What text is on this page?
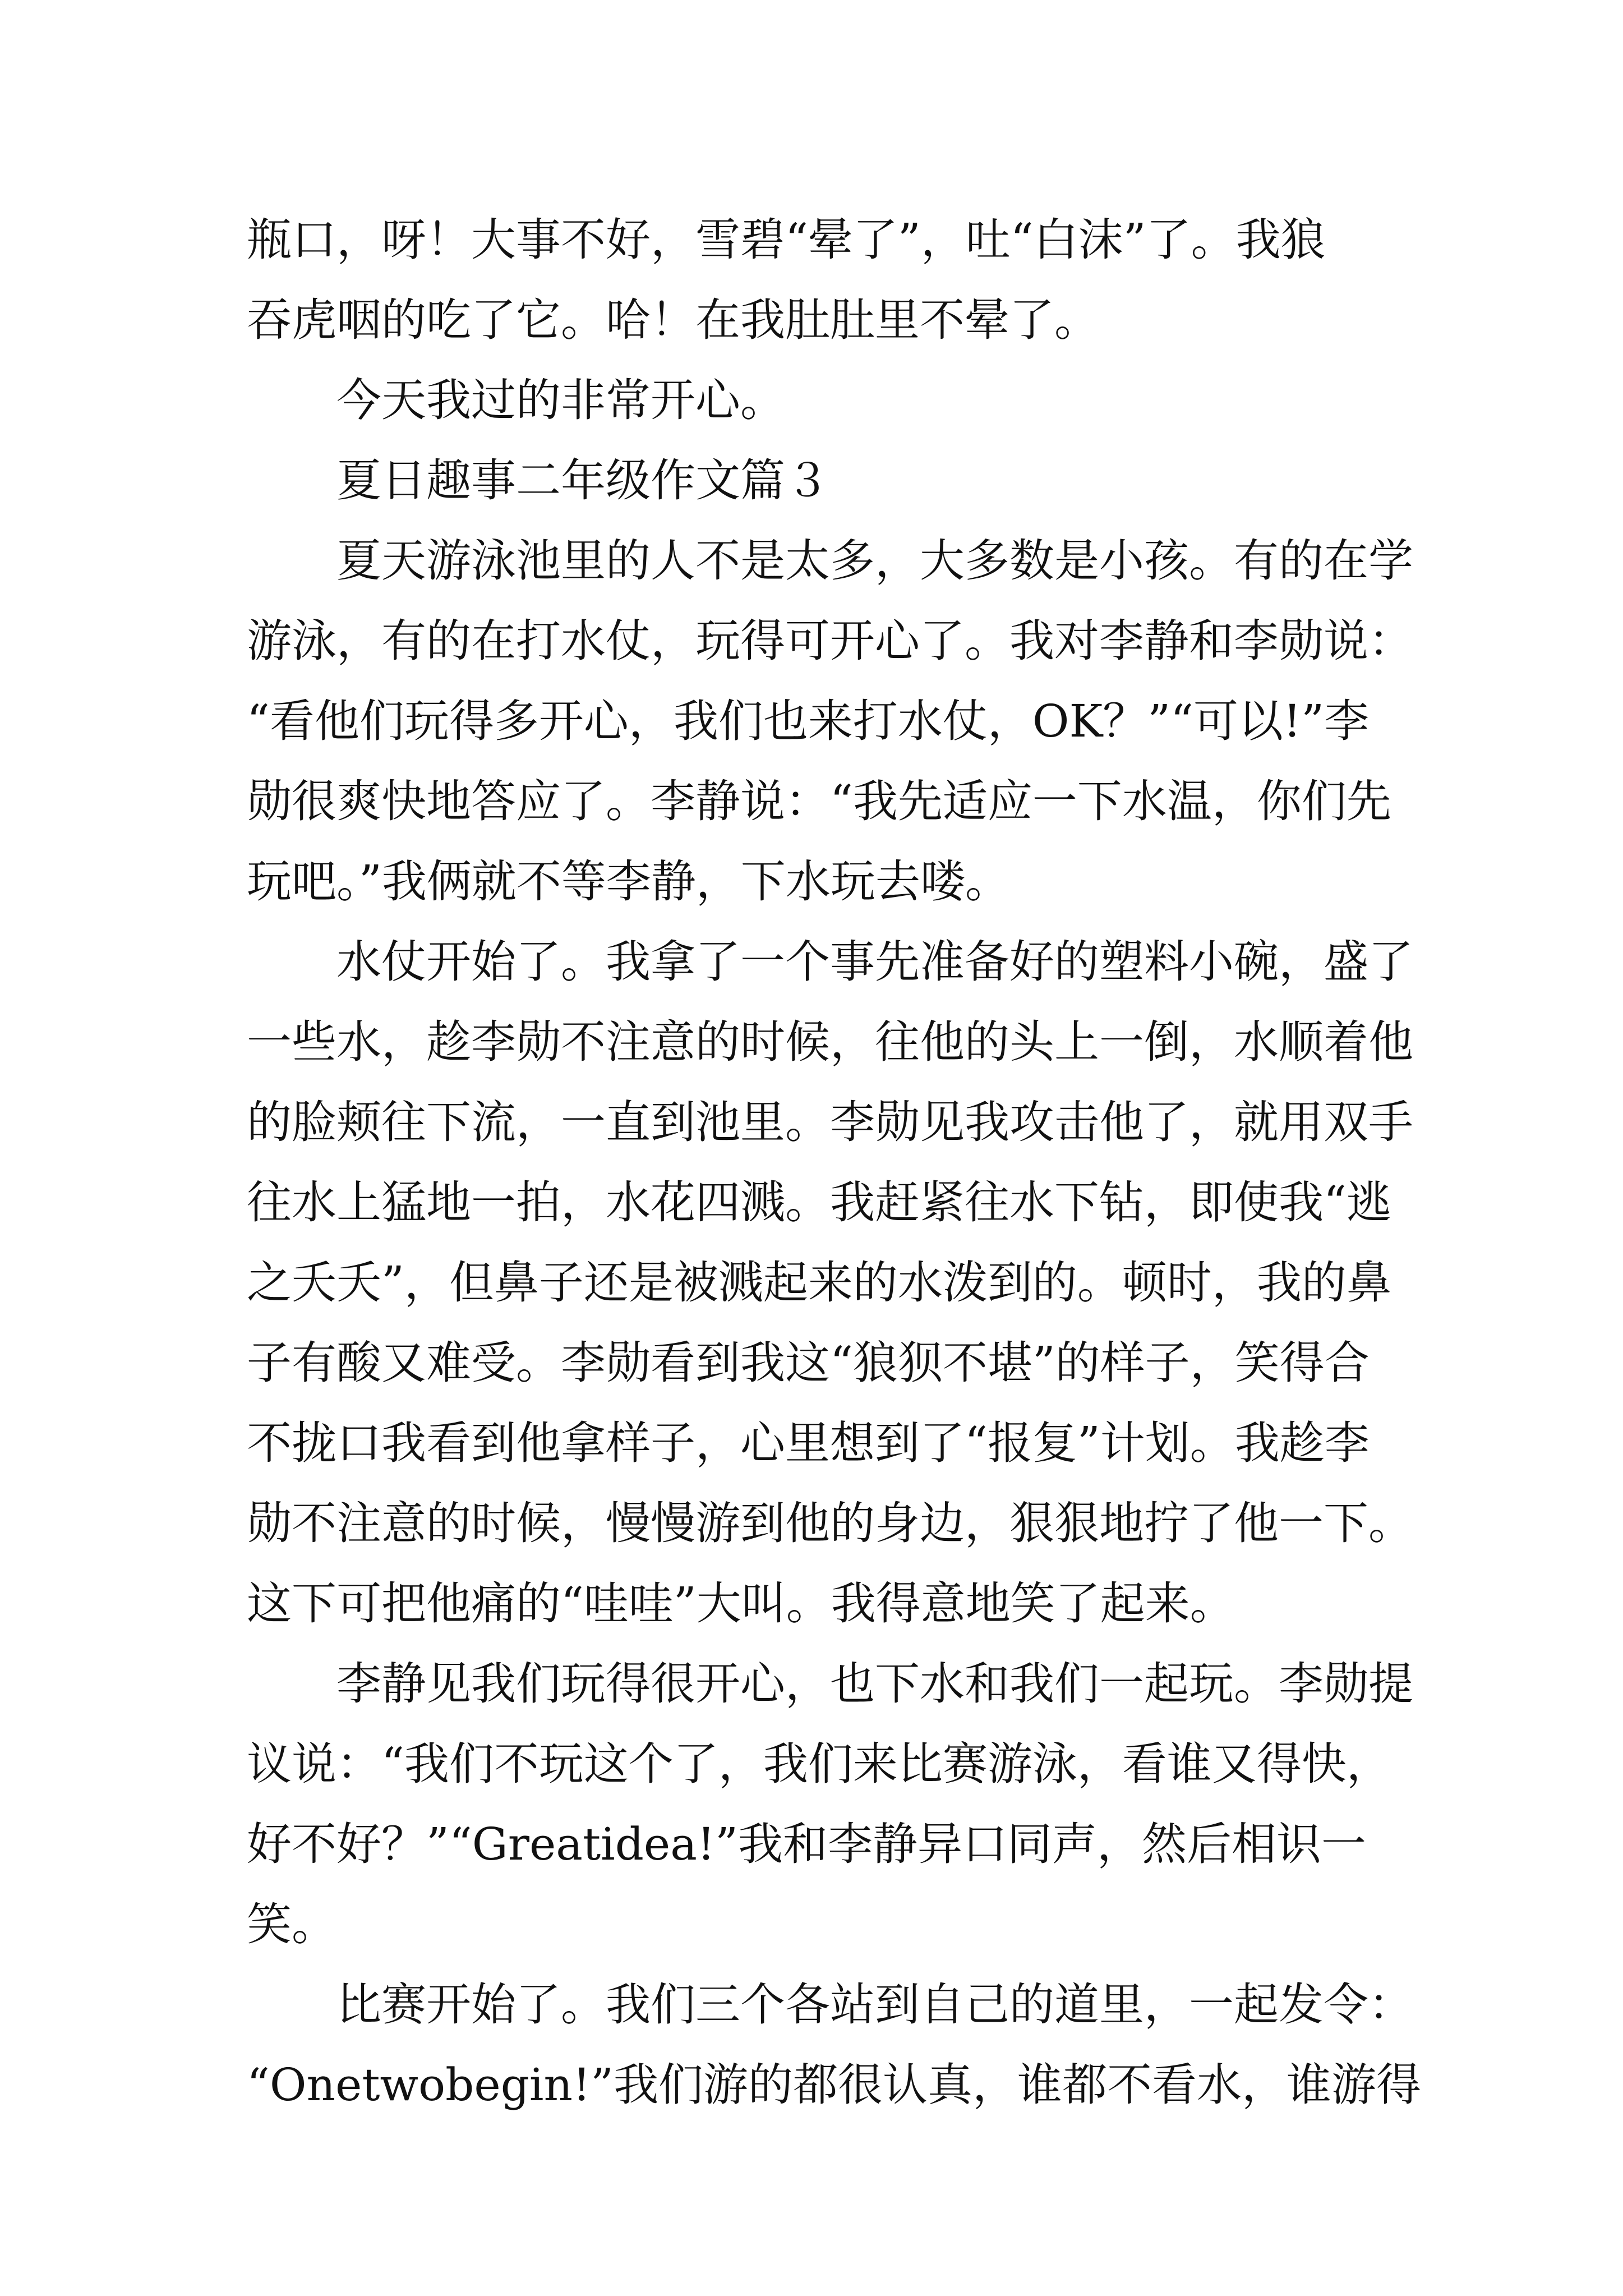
瓶口，呀！大事不好，雪碧“晕了”，吐“白沫”了。我狼
吞虎咽的吃了它。哈！在我肚肚里不晕了。
今天我过的非常开心。
夏日趣事二年级作文篇３
夏天游泳池里的人不是太多，大多数是小孩。有的在学
游泳，有的在打水仗，玩得可开心了。我对李静和李勋说：
“看他们玩得多开心，我们也来打水仗，OK？”“可以!”李
勋很爽快地答应了。李静说：“我先适应一下水温，你们先
玩吧。”我俩就不等李静，下水玩去喽。
水仗开始了。我拿了一个事先准备好的塑料小碗，盛了
一些水，趁李勋不注意的时候，往他的头上一倒，水顺着他
的脸颊往下流，一直到池里。李勋见我攻击他了，就用双手
往水上猛地一拍，水花四溅。我赶紧往水下钻，即使我“逃
之夭夭”，但鼻子还是被溅起来的水泼到的。顿时，我的鼻
子有酸又难受。李勋看到我这“狼狈不堪”的样子，笑得合
不拢口我看到他拿样子，心里想到了“报复”计划。我趁李
勋不注意的时候，慢慢游到他的身边，狠狠地拧了他一下。
这下可把他痛的“哇哇”大叫。我得意地笑了起来。
李静见我们玩得很开心，也下水和我们一起玩。李勋提
议说：“我们不玩这个了，我们来比赛游泳，看谁又得快，
好不好？”“Greatidea!”我和李静异口同声，然后相识一
笑。
比赛开始了。我们三个各站到自己的道里，一起发令：
“Onetwobegin!”我们游的都很认真，谁都不看水，谁游得
